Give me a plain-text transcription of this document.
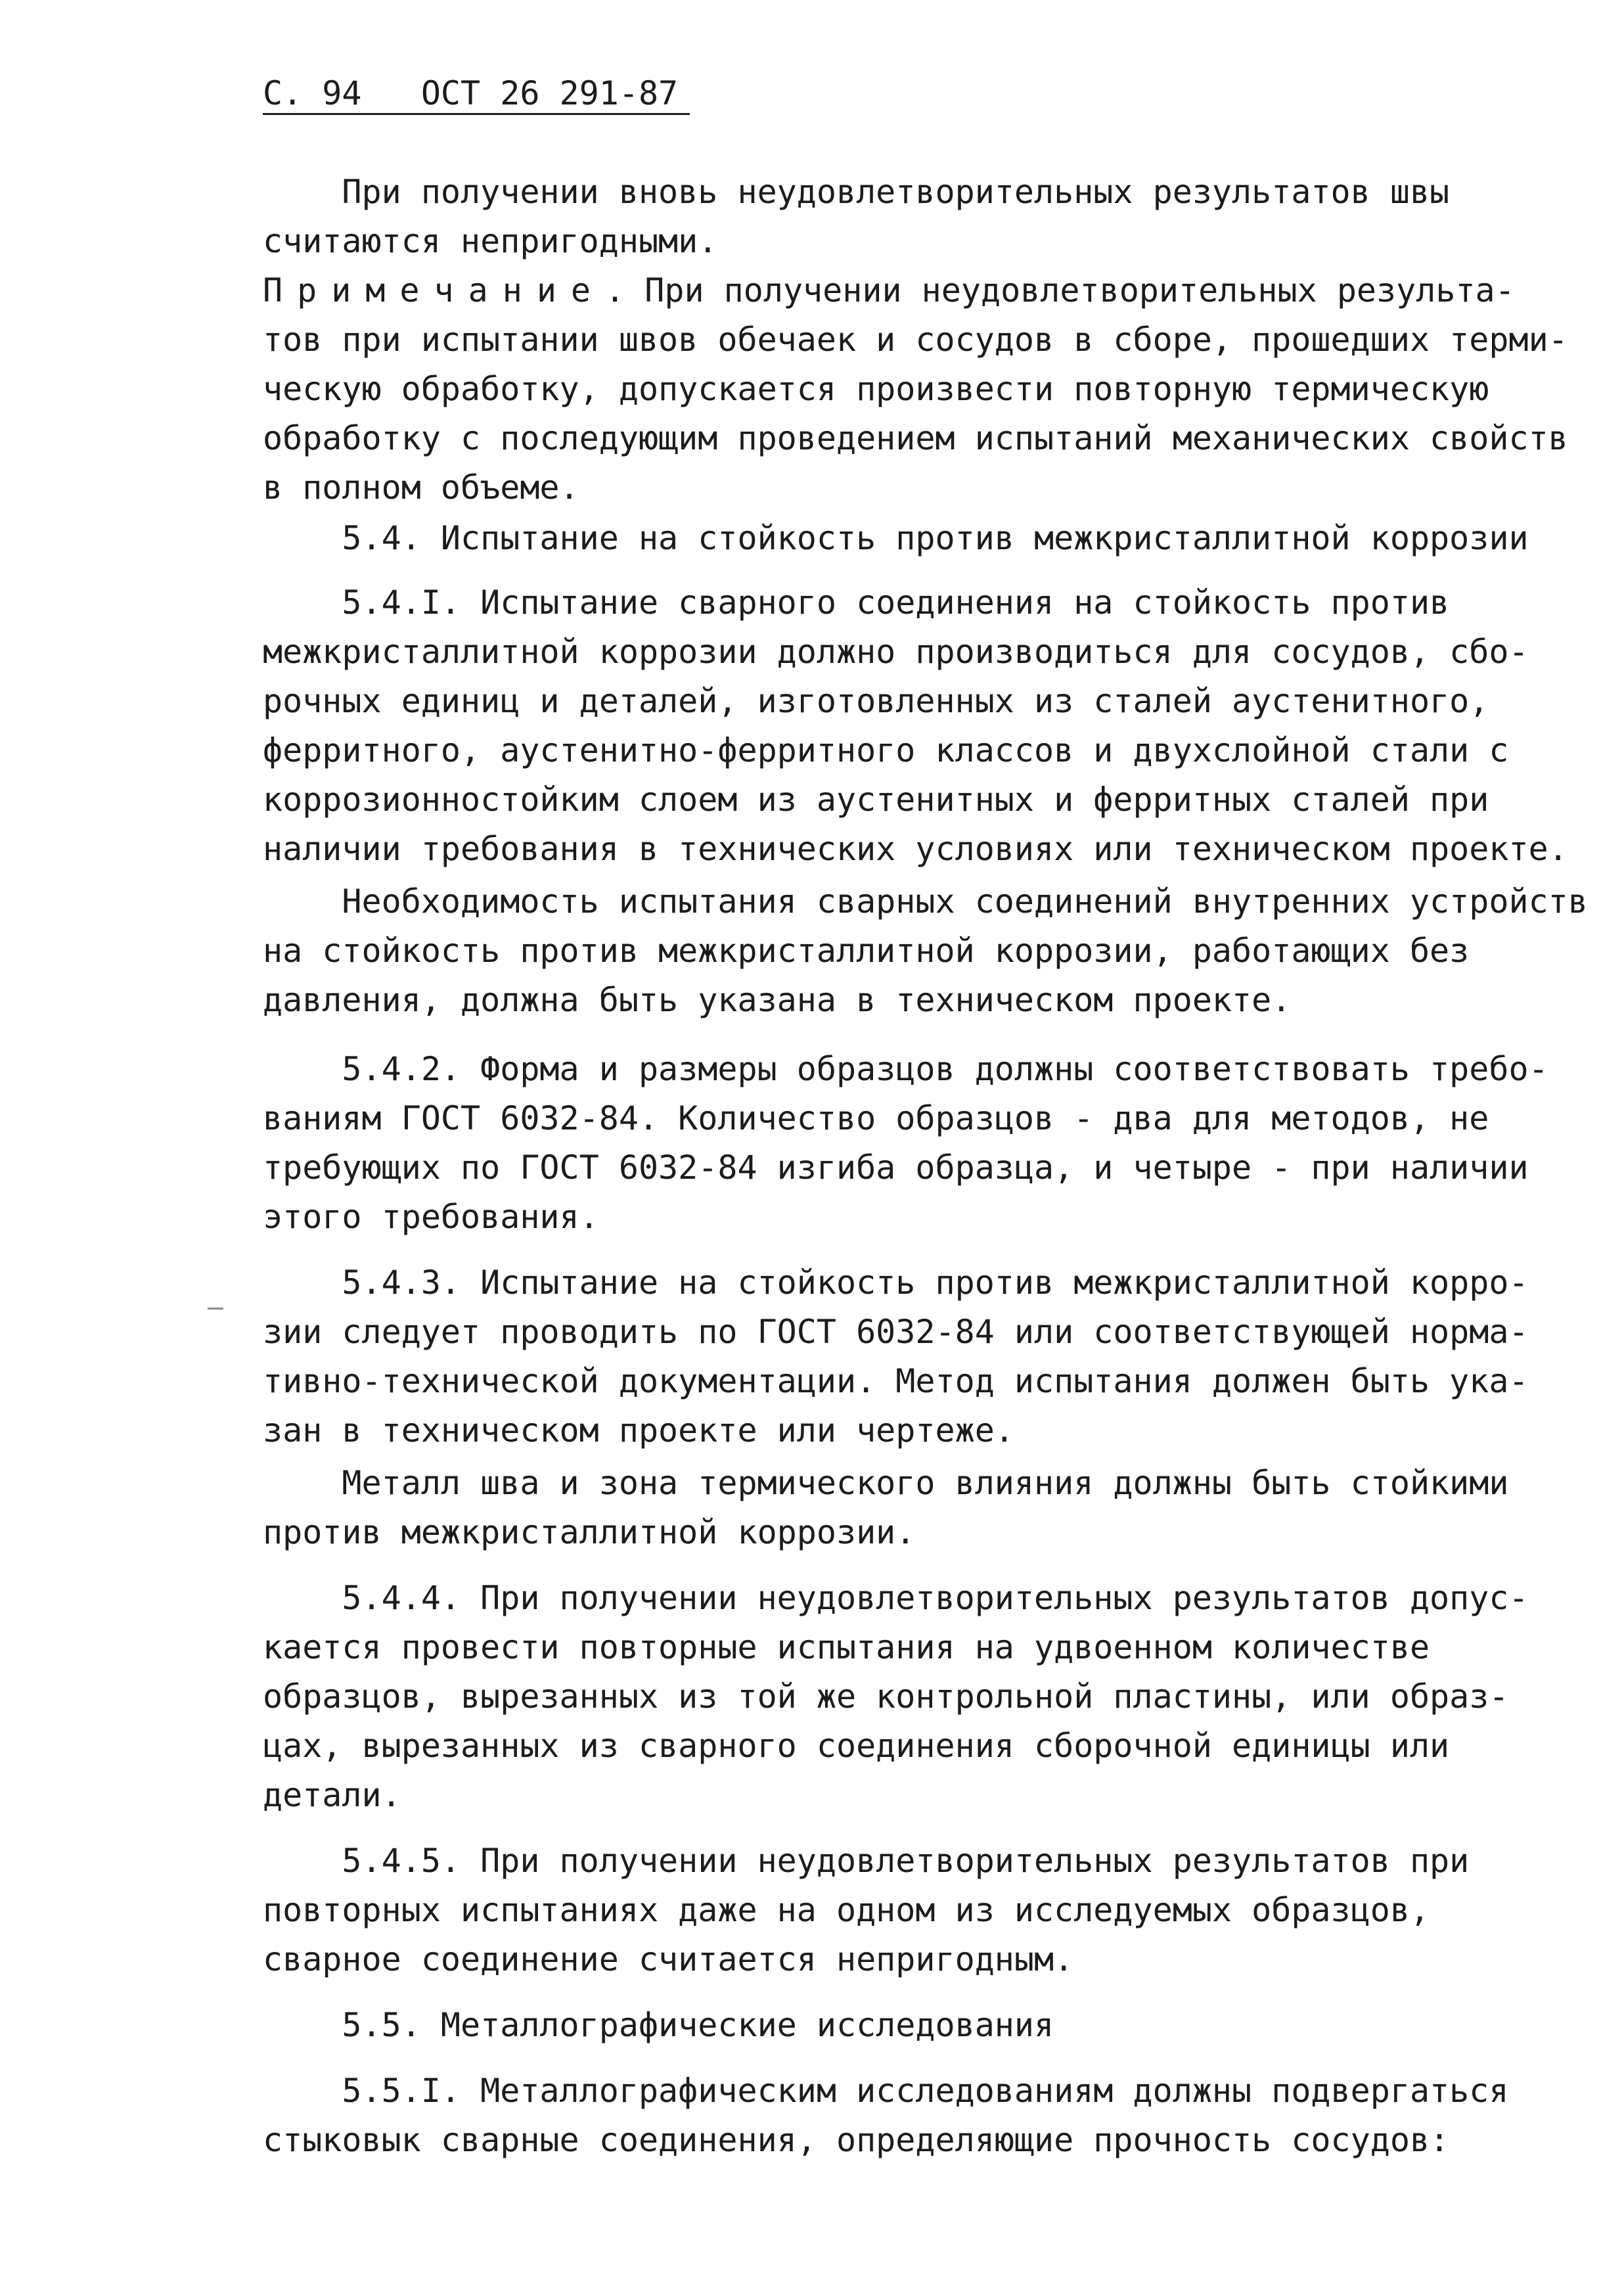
С. 94 ОСТ 26 291-87
При получении вновь неудовлетворительных результатов швы
считаются непригодными.
Примечание. При получении неудовлетворительных результа-
тов при испытании швов обечаек и сосудов в сборе, прошедших терми-
ческую обработку, допускается произвести повторную термическую
обработку с последующим проведением испытаний механических свойств
в полном объеме.
5.4. Испытание на стойкость против межкристаллитной коррозии
5.4.I. Испытание сварного соединения на стойкость против
межкристаллитной коррозии должно производиться для сосудов, сбо-
рочных единиц и деталей, изготовленных из сталей аустенитного,
ферритного, аустенитно-ферритного классов и двухслойной стали с
коррозионностойким слоем из аустенитных и ферритных сталей при
наличии требования в технических условиях или техническом проекте.
Необходимость испытания сварных соединений внутренних устройств
на стойкость против межкристаллитной коррозии, работающих без
давления, должна быть указана в техническом проекте.
5.4.2. Форма и размеры образцов должны соответствовать требо-
ваниям ГОСТ 6032-84. Количество образцов - два для методов, не
требующих по ГОСТ 6032-84 изгиба образца, и четыре - при наличии
этого требования.
5.4.3. Испытание на стойкость против межкристаллитной корро-
зии следует проводить по ГОСТ 6032-84 или соответствующей норма-
тивно-технической документации. Метод испытания должен быть ука-
зан в техническом проекте или чертеже.
Металл шва и зона термического влияния должны быть стойкими
против межкристаллитной коррозии.
5.4.4. При получении неудовлетворительных результатов допус-
кается провести повторные испытания на удвоенном количестве
образцов, вырезанных из той же контрольной пластины, или образ-
цах, вырезанных из сварного соединения сборочной единицы или
детали.
5.4.5. При получении неудовлетворительных результатов при
повторных испытаниях даже на одном из исследуемых образцов,
сварное соединение считается непригодным.
5.5. Металлографические исследования
5.5.I. Металлографическим исследованиям должны подвергаться
стыковык сварные соединения, определяющие прочность сосудов:
